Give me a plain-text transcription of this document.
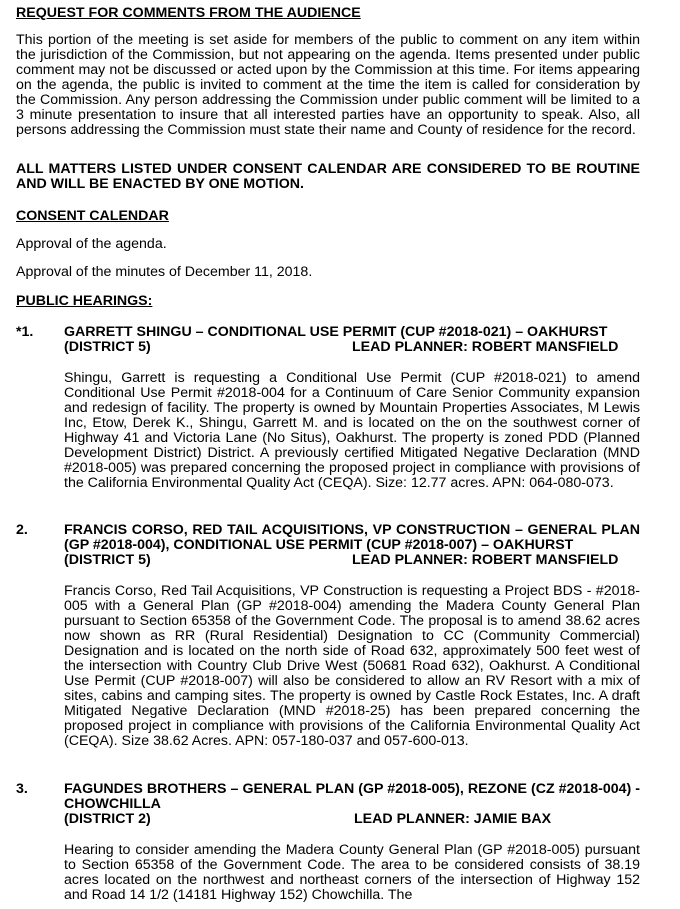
REQUEST FOR COMMENTS FROM THE AUDIENCE
This portion of the meeting is set aside for members of the public to comment on any item within the jurisdiction of the Commission, but not appearing on the agenda. Items presented under public comment may not be discussed or acted upon by the Commission at this time. For items appearing on the agenda, the public is invited to comment at the time the item is called for consideration by the Commission. Any person addressing the Commission under public comment will be limited to a 3 minute presentation to insure that all interested parties have an opportunity to speak. Also, all persons addressing the Commission must state their name and County of residence for the record.
ALL MATTERS LISTED UNDER CONSENT CALENDAR ARE CONSIDERED TO BE ROUTINE AND WILL BE ENACTED BY ONE MOTION.
CONSENT CALENDAR
Approval of the agenda.
Approval of the minutes of December 11, 2018.
PUBLIC HEARINGS:
*1. GARRETT SHINGU – CONDITIONAL USE PERMIT (CUP #2018-021) – OAKHURST
(DISTRICT 5)	LEAD PLANNER: ROBERT MANSFIELD
Shingu, Garrett is requesting a Conditional Use Permit (CUP #2018-021) to amend Conditional Use Permit #2018-004 for a Continuum of Care Senior Community expansion and redesign of facility. The property is owned by Mountain Properties Associates, M Lewis Inc, Etow, Derek K., Shingu, Garrett M. and is located on the on the southwest corner of Highway 41 and Victoria Lane (No Situs), Oakhurst. The property is zoned PDD (Planned Development District) District. A previously certified Mitigated Negative Declaration (MND #2018-005) was prepared concerning the proposed project in compliance with provisions of the California Environmental Quality Act (CEQA). Size: 12.77 acres. APN: 064-080-073.
2.	FRANCIS CORSO, RED TAIL ACQUISITIONS, VP CONSTRUCTION – GENERAL PLAN (GP #2018-004), CONDITIONAL USE PERMIT (CUP #2018-007) – OAKHURST
(DISTRICT 5)	LEAD PLANNER: ROBERT MANSFIELD
Francis Corso, Red Tail Acquisitions, VP Construction is requesting a Project BDS - #2018-005 with a General Plan (GP #2018-004) amending the Madera County General Plan pursuant to Section 65358 of the Government Code. The proposal is to amend 38.62 acres now shown as RR (Rural Residential) Designation to CC (Community Commercial) Designation and is located on the north side of Road 632, approximately 500 feet west of the intersection with Country Club Drive West (50681 Road 632), Oakhurst. A Conditional Use Permit (CUP #2018-007) will also be considered to allow an RV Resort with a mix of sites, cabins and camping sites. The property is owned by Castle Rock Estates, Inc. A draft Mitigated Negative Declaration (MND #2018-25) has been prepared concerning the proposed project in compliance with provisions of the California Environmental Quality Act (CEQA). Size 38.62 Acres. APN: 057-180-037 and 057-600-013.
3.	FAGUNDES BROTHERS – GENERAL PLAN (GP #2018-005), REZONE (CZ #2018-004) - CHOWCHILLA
(DISTRICT 2)	LEAD PLANNER: JAMIE BAX
Hearing to consider amending the Madera County General Plan (GP #2018-005) pursuant to Section 65358 of the Government Code. The area to be considered consists of 38.19 acres located on the northwest and northeast corners of the intersection of Highway 152 and Road 14 1/2 (14181 Highway 152) Chowchilla. The
